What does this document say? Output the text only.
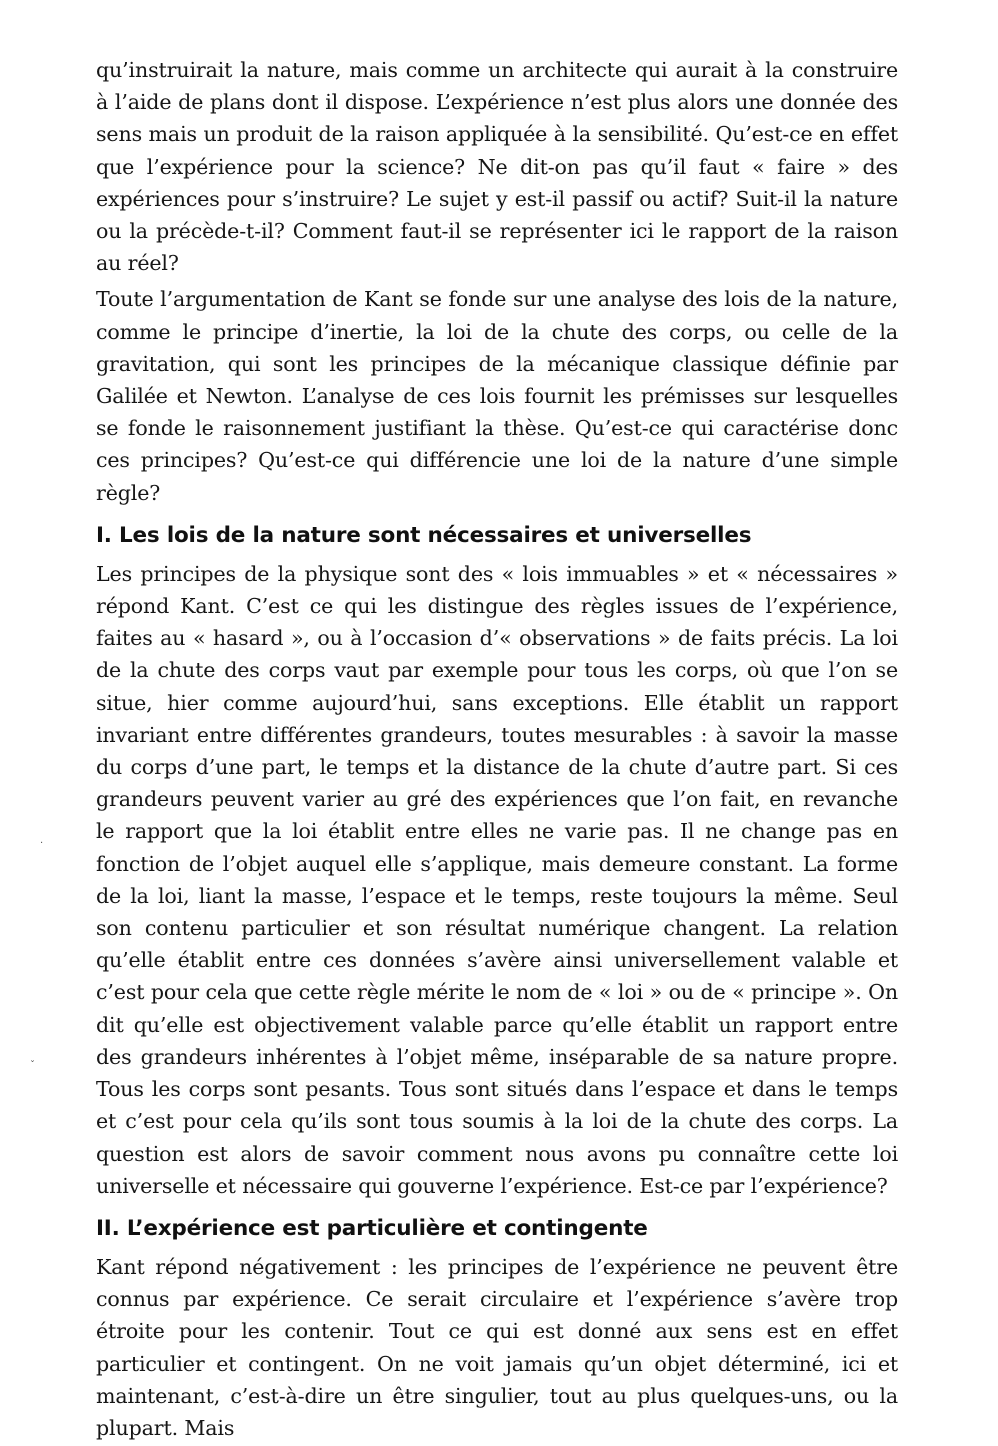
qu’instruirait la nature, mais comme un architecte qui aurait à la construire à l’aide de plans dont il dispose. L’expérience n’est plus alors une donnée des sens mais un produit de la raison appliquée à la sensibilité. Qu’est-ce en effet que l’expérience pour la science? Ne dit-on pas qu’il faut « faire » des expériences pour s’instruire? Le sujet y est-il passif ou actif? Suit-il la nature ou la précède-t-il? Comment faut-il se représenter ici le rapport de la raison au réel?

Toute l’argumentation de Kant se fonde sur une analyse des lois de la nature, comme le principe d’inertie, la loi de la chute des corps, ou celle de la gravitation, qui sont les principes de la mécanique classique définie par Galilée et Newton. L’analyse de ces lois fournit les prémisses sur lesquelles se fonde le raisonnement justifiant la thèse. Qu’est-ce qui caractérise donc ces principes? Qu’est-ce qui différencie une loi de la nature d’une simple règle?

I. Les lois de la nature sont nécessaires et universelles

Les principes de la physique sont des « lois immuables » et « nécessaires » répond Kant. C’est ce qui les distingue des règles issues de l’expérience, faites au « hasard », ou à l’occasion d’« observations » de faits précis. La loi de la chute des corps vaut par exemple pour tous les corps, où que l’on se situe, hier comme aujourd’hui, sans exceptions. Elle établit un rapport invariant entre différentes grandeurs, toutes mesurables : à savoir la masse du corps d’une part, le temps et la distance de la chute d’autre part. Si ces grandeurs peuvent varier au gré des expériences que l’on fait, en revanche le rapport que la loi établit entre elles ne varie pas. Il ne change pas en fonction de l’objet auquel elle s’applique, mais demeure constant. La forme de la loi, liant la masse, l’espace et le temps, reste toujours la même. Seul son contenu particulier et son résultat numérique changent. La relation qu’elle établit entre ces données s’avère ainsi universellement valable et c’est pour cela que cette règle mérite le nom de « loi » ou de « principe ». On dit qu’elle est objectivement valable parce qu’elle établit un rapport entre des grandeurs inhérentes à l’objet même, inséparable de sa nature propre. Tous les corps sont pesants. Tous sont situés dans l’espace et dans le temps et c’est pour cela qu’ils sont tous soumis à la loi de la chute des corps. La question est alors de savoir comment nous avons pu connaître cette loi universelle et nécessaire qui gouverne l’expérience. Est-ce par l’expérience?

II. L’expérience est particulière et contingente

Kant répond négativement : les principes de l’expérience ne peuvent être connus par expérience. Ce serait circulaire et l’expérience s’avère trop étroite pour les contenir. Tout ce qui est donné aux sens est en effet particulier et contingent. On ne voit jamais qu’un objet déterminé, ici et maintenant, c’est-à-dire un être singulier, tout au plus quelques-uns, ou la plupart. Mais

·
ˇ
